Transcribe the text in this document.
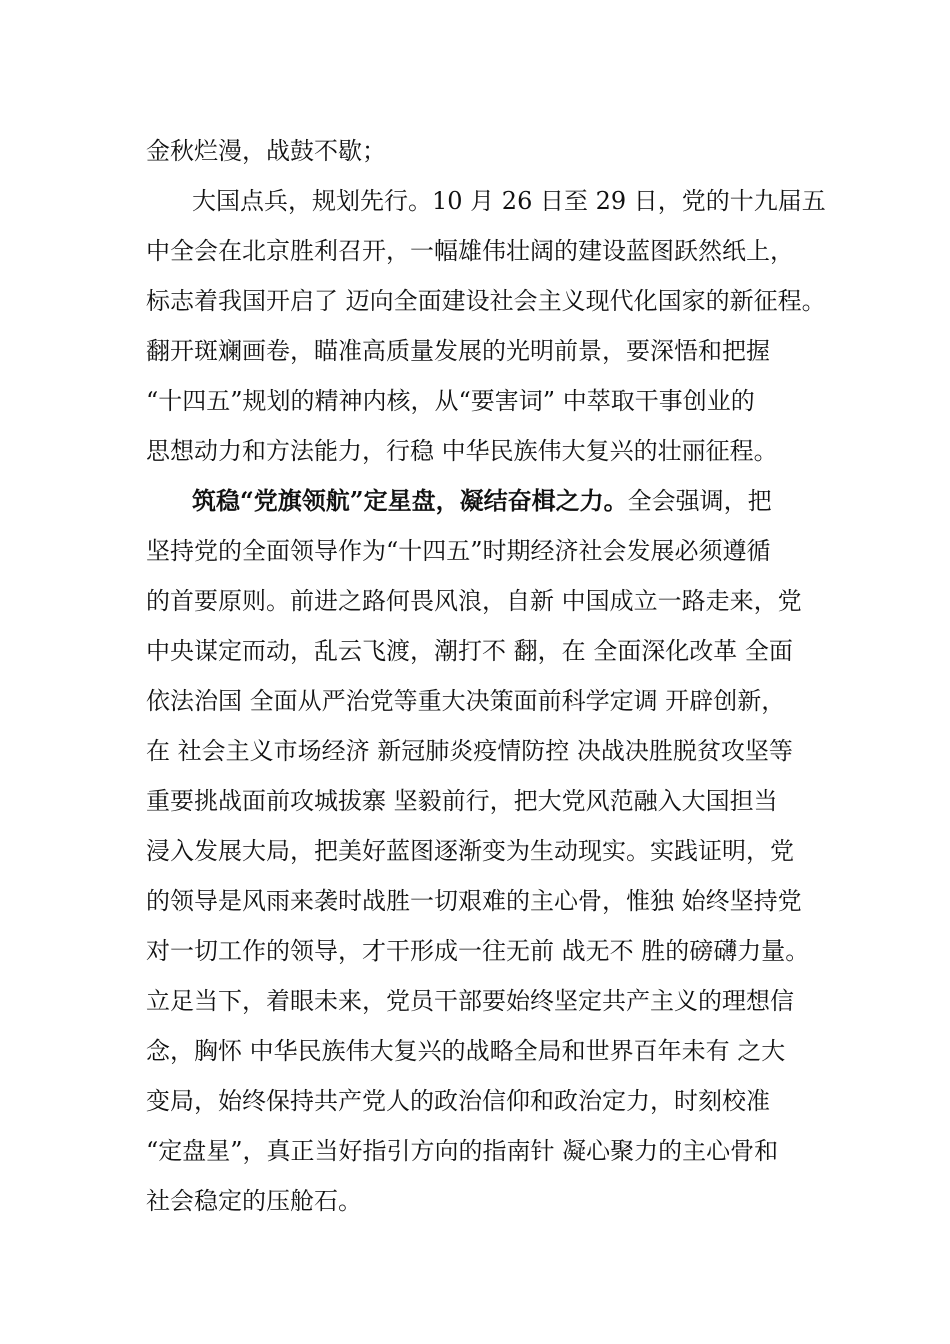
金秋烂漫，战鼓不歇；
大国点兵，规划先行。10 月 26 日至 29 日，党的十九届五
中全会在北京胜利召开，一幅雄伟壮阔的建设蓝图跃然纸上，
标志着我国开启了 迈向全面建设社会主义现代化国家的新征程。
翻开斑斓画卷，瞄准高质量发展的光明前景，要深悟和把握
“十四五”规划的精神内核，从“要害词” 中萃取干事创业的
思想动力和方法能力，行稳 中华民族伟大复兴的壮丽征程。
筑稳“党旗领航”定星盘，凝结奋楫之力。全会强调，把
坚持党的全面领导作为“十四五”时期经济社会发展必须遵循
的首要原则。前进之路何畏风浪，自新 中国成立一路走来，党
中央谋定而动，乱云飞渡，潮打不 翻，在 全面深化改革 全面
依法治国 全面从严治党等重大决策面前科学定调 开辟创新，
在 社会主义市场经济 新冠肺炎疫情防控 决战决胜脱贫攻坚等
重要挑战面前攻城拔寨 坚毅前行，把大党风范融入大国担当
浸入发展大局，把美好蓝图逐渐变为生动现实。实践证明，党
的领导是风雨来袭时战胜一切艰难的主心骨，惟独 始终坚持党
对一切工作的领导，才干形成一往无前 战无不 胜的磅礴力量。
立足当下，着眼未来，党员干部要始终坚定共产主义的理想信
念，胸怀 中华民族伟大复兴的战略全局和世界百年未有 之大
变局，始终保持共产党人的政治信仰和政治定力，时刻校准
“定盘星”，真正当好指引方向的指南针 凝心聚力的主心骨和
社会稳定的压舱石。
